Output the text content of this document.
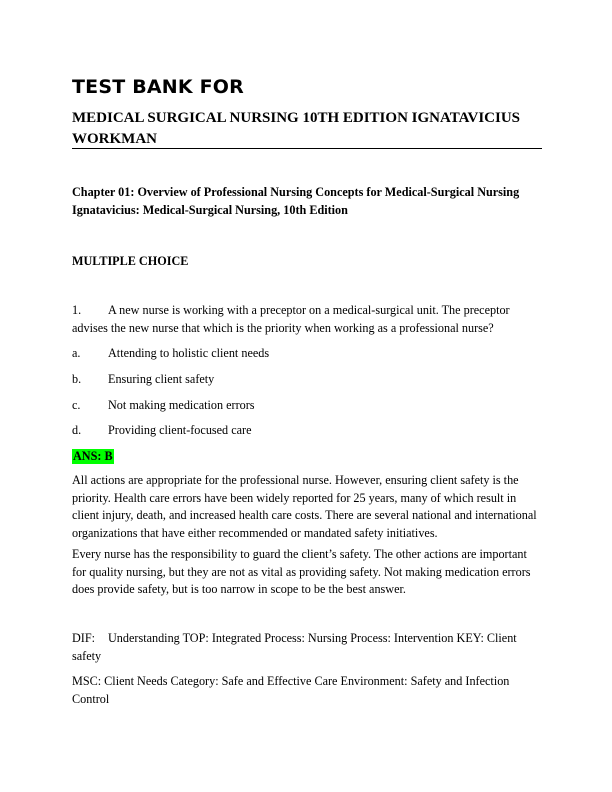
TEST BANK FOR
MEDICAL SURGICAL NURSING 10TH EDITION IGNATAVICIUS WORKMAN
Chapter 01: Overview of Professional Nursing Concepts for Medical-Surgical Nursing
Ignatavicius: Medical-Surgical Nursing, 10th Edition
MULTIPLE CHOICE
1. A new nurse is working with a preceptor on a medical-surgical unit. The preceptor advises the new nurse that which is the priority when working as a professional nurse?
a. Attending to holistic client needs
b. Ensuring client safety
c. Not making medication errors
d. Providing client-focused care
ANS: B
All actions are appropriate for the professional nurse. However, ensuring client safety is the priority. Health care errors have been widely reported for 25 years, many of which result in client injury, death, and increased health care costs. There are several national and international organizations that have either recommended or mandated safety initiatives.
Every nurse has the responsibility to guard the client’s safety. The other actions are important for quality nursing, but they are not as vital as providing safety. Not making medication errors does provide safety, but is too narrow in scope to be the best answer.
DIF: Understanding TOP: Integrated Process: Nursing Process: Intervention KEY: Client safety
MSC: Client Needs Category: Safe and Effective Care Environment: Safety and Infection Control
